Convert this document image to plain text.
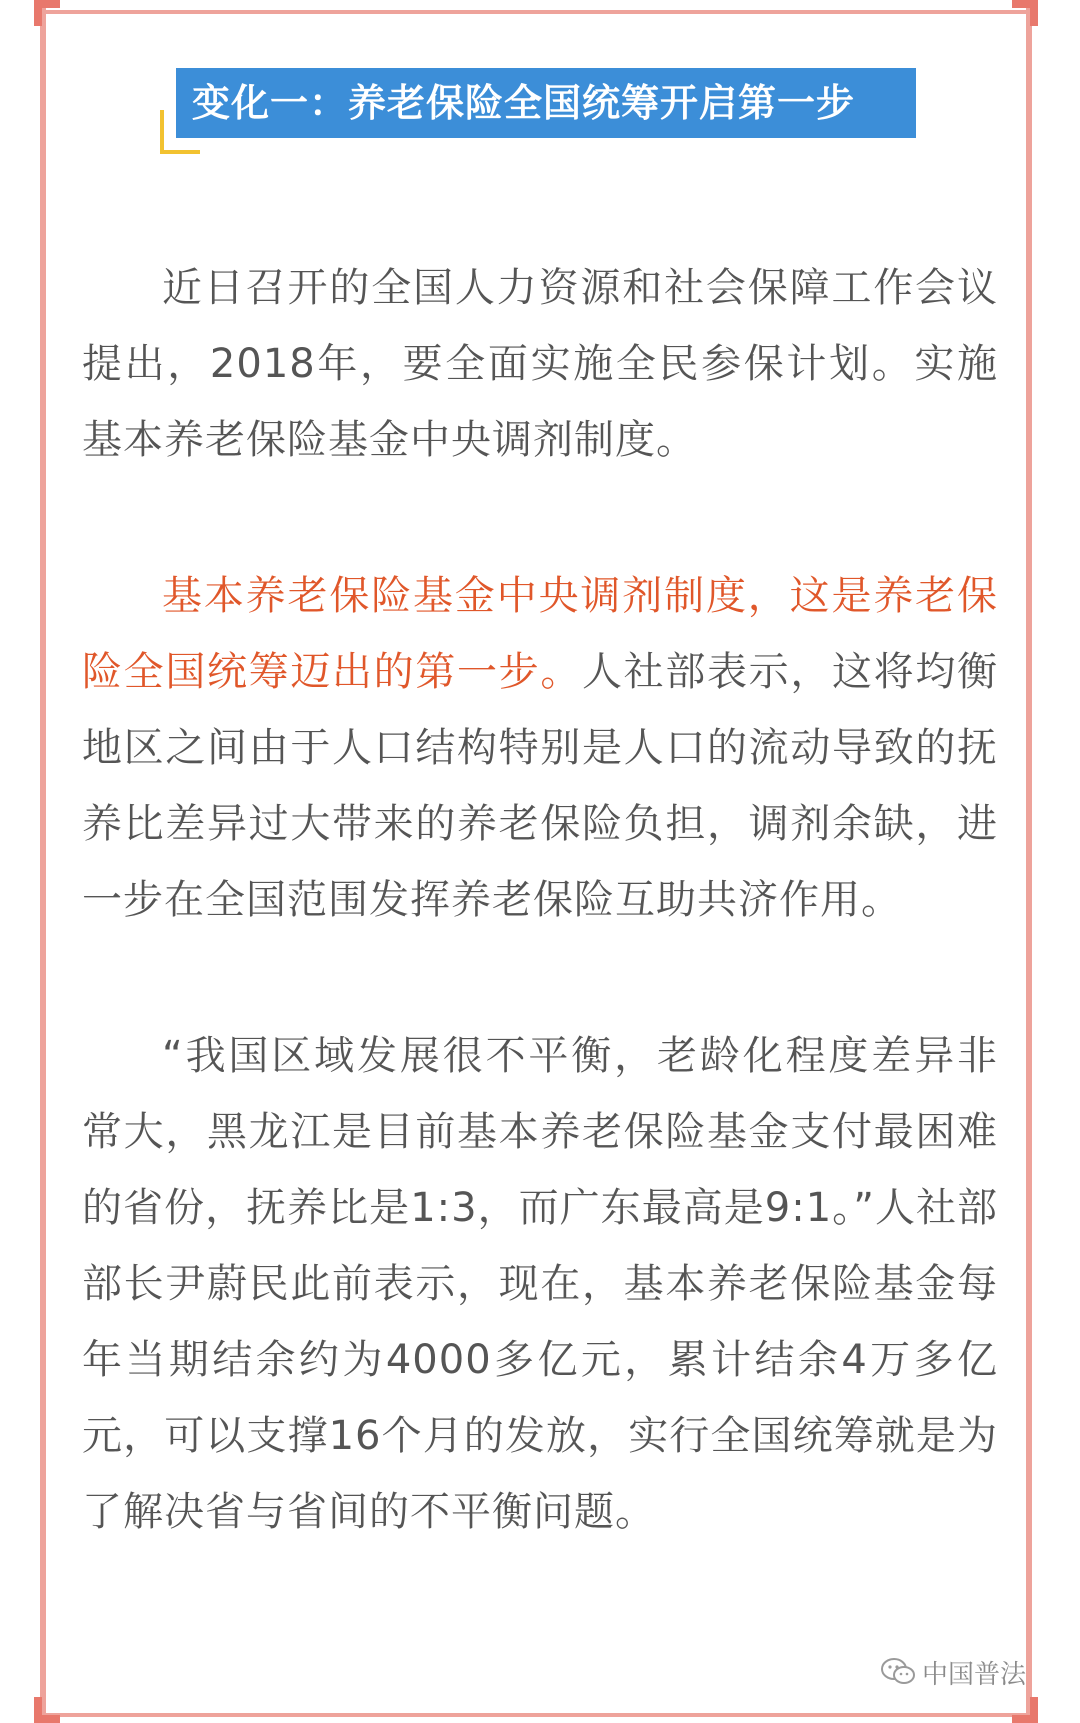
变化一：养老保险全国统筹开启第一步

近日召开的全国人力资源和社会保障工作会议提出，2018年，要全面实施全民参保计划。实施基本养老保险基金中央调剂制度。

基本养老保险基金中央调剂制度，这是养老保险全国统筹迈出的第一步。人社部表示，这将均衡地区之间由于人口结构特别是人口的流动导致的抚养比差异过大带来的养老保险负担，调剂余缺，进一步在全国范围发挥养老保险互助共济作用。

“我国区域发展很不平衡，老龄化程度差异非常大，黑龙江是目前基本养老保险基金支付最困难的省份，抚养比是1:3，而广东最高是9:1。”人社部部长尹蔚民此前表示，现在，基本养老保险基金每年当期结余约为4000多亿元，累计结余4万多亿元，可以支撑16个月的发放，实行全国统筹就是为了解决省与省间的不平衡问题。

中国普法
